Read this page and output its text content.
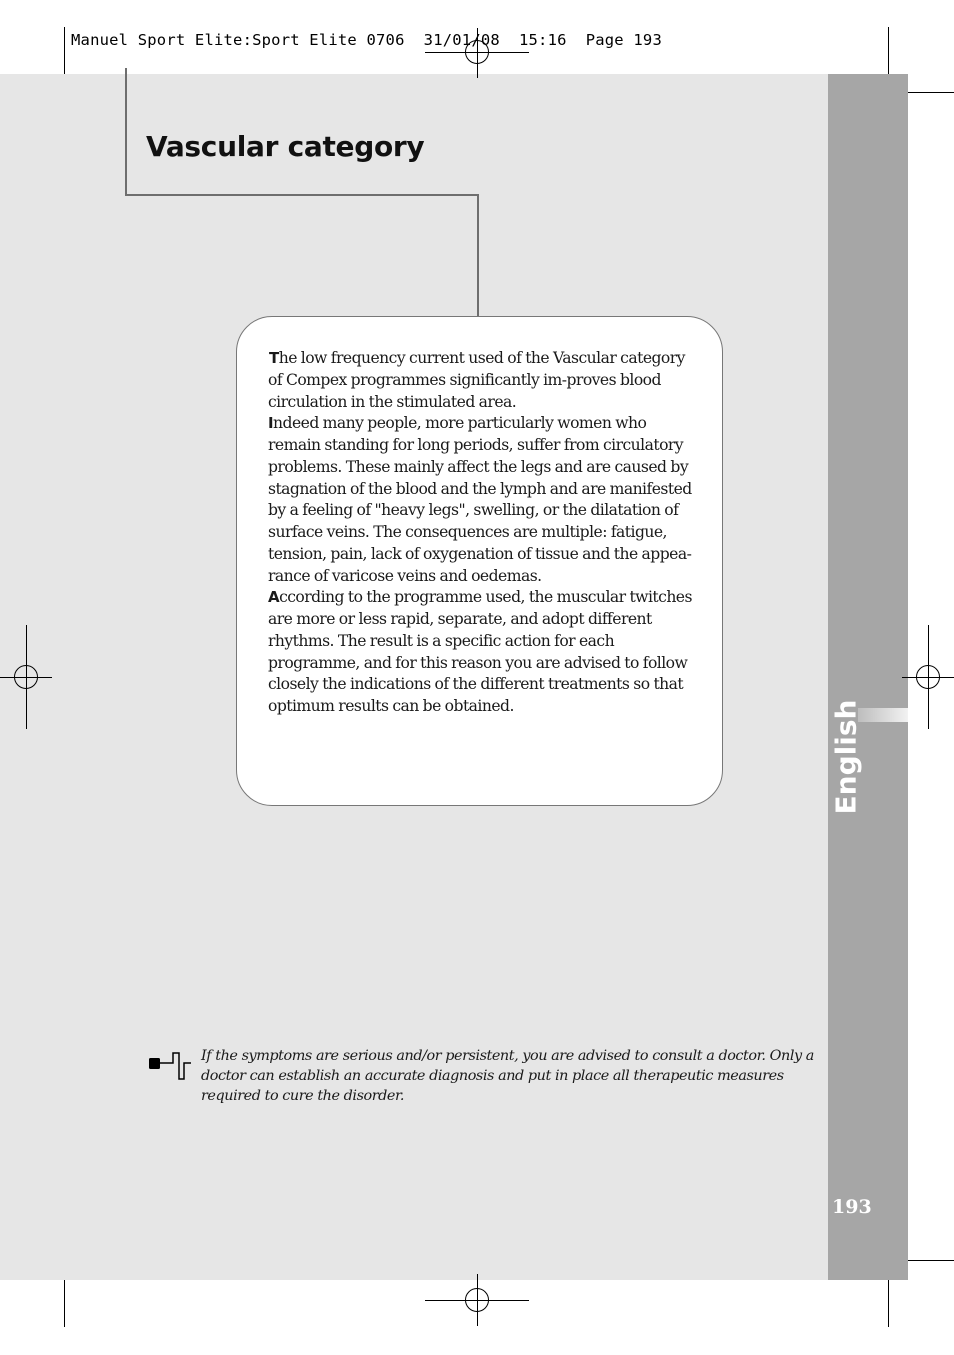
Manuel Sport Elite:Sport Elite 0706  31/01/08  15:16  Page 193
English
193
Vascular category
 The low frequency current used of the Vascular category of Compex programmes significantly im-proves blood circulation in the stimulated area.
Indeed many people, more particularly women who remain standing for long periods, suffer from circulatory problems. These mainly affect the legs and are caused by stagnation of the blood and the lymph and are manifested by a feeling of "heavy legs", swelling, or the dilatation of surface veins. The consequences are multiple: fatigue, tension, pain, lack of oxygenation of tissue and the appea-rance of varicose veins and oedemas.
According to the programme used, the muscular twitches are more or less rapid, separate, and adopt different rhythms. The result is a specific action for each programme, and for this reason you are advised to follow closely the indications of the different treatments so that optimum results can be obtained.

If the symptoms are serious and/or persistent, you are advised to consult a doctor. Only a doctor can establish an accurate diagnosis and put in place all therapeutic measures required to cure the disorder.
